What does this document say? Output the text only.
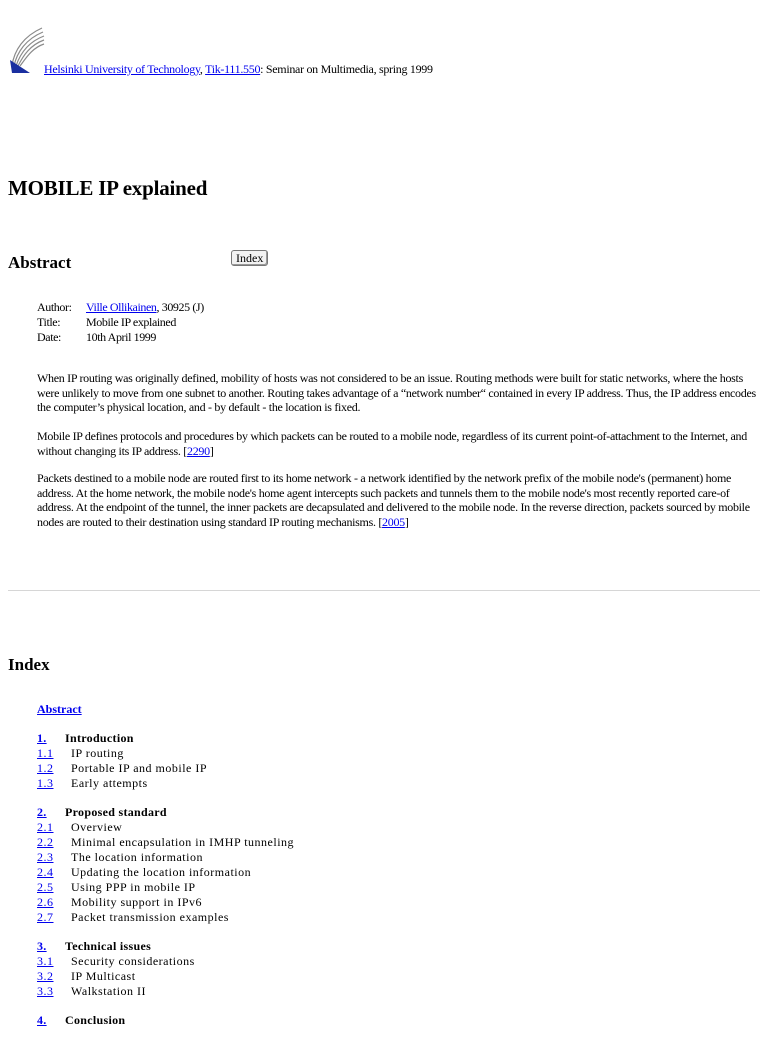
Helsinki University of Technology, Tik-111.550: Seminar on Multimedia, spring 1999
MOBILE IP explained
Abstract	Index
Author:	Ville Ollikainen, 30925 (J)
Title:	Mobile IP explained
Date:	10th April 1999

When IP routing was originally defined, mobility of hosts was not considered to be an issue. Routing methods were built for static networks, where the hosts were unlikely to move from one subnet to another. Routing takes advantage of a “network number“ contained in every IP address. Thus, the IP address encodes the computer’s physical location, and - by default - the location is fixed.

Mobile IP defines protocols and procedures by which packets can be routed to a mobile node, regardless of its current point-of-attachment to the Internet, and without changing its IP address. [2290]

Packets destined to a mobile node are routed first to its home network - a network identified by the network prefix of the mobile node's (permanent) home address. At the home network, the mobile node's home agent intercepts such packets and tunnels them to the mobile node's most recently reported care-of address. At the endpoint of the tunnel, the inner packets are decapsulated and delivered to the mobile node. In the reverse direction, packets sourced by mobile nodes are routed to their destination using standard IP routing mechanisms. [2005]

Index
Abstract
1.	Introduction
1.1	IP routing
1.2	Portable IP and mobile IP
1.3	Early attempts
2.	Proposed standard
2.1	Overview
2.2	Minimal encapsulation in IMHP tunneling
2.3	The location information
2.4	Updating the location information
2.5	Using PPP in mobile IP
2.6	Mobility support in IPv6
2.7	Packet transmission examples
3.	Technical issues
3.1	Security considerations
3.2	IP Multicast
3.3	Walkstation II
4.	Conclusion
